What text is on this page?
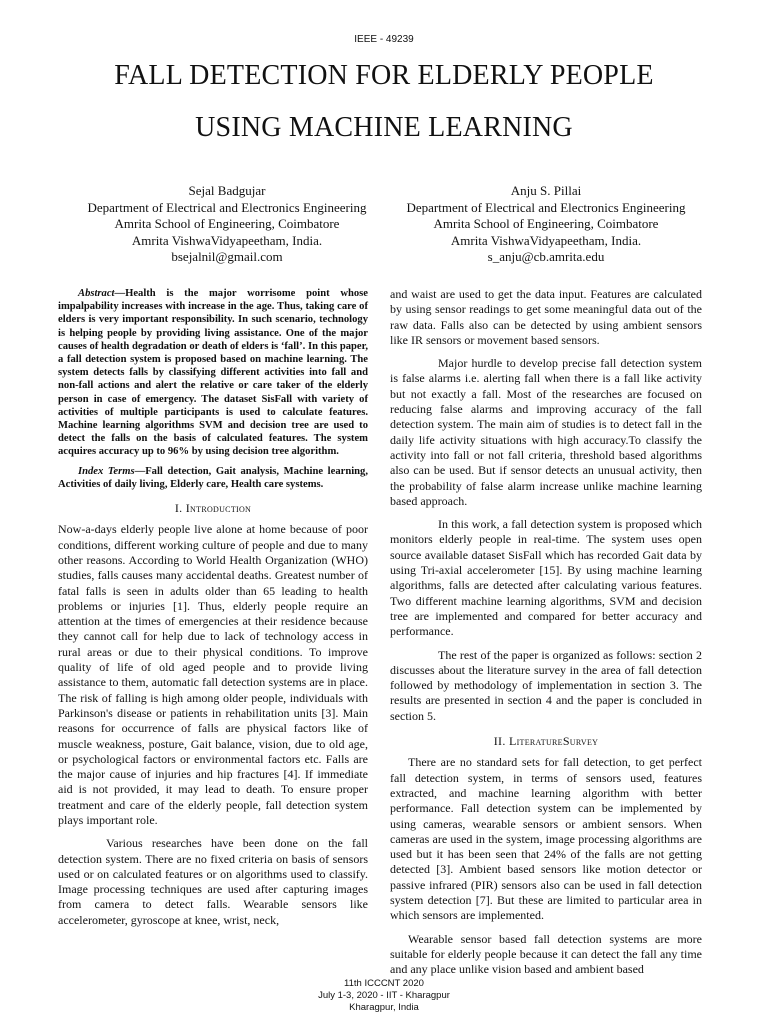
IEEE - 49239
FALL DETECTION FOR ELDERLY PEOPLE
USING MACHINE LEARNING
Sejal Badgujar
Department of Electrical and Electronics Engineering
Amrita School of Engineering, Coimbatore
Amrita VishwaVidyapeetham, India.
bsejalnil@gmail.com
Anju S. Pillai
Department of Electrical and Electronics Engineering
Amrita School of Engineering, Coimbatore
Amrita VishwaVidyapeetham, India.
s_anju@cb.amrita.edu

Abstract—Health is the major worrisome point whose impalpability increases with increase in the age. Thus, taking care of elders is very important responsibility. In such scenario, technology is helping people by providing living assistance. One of the major causes of health degradation or death of elders is ‘fall’. In this paper, a fall detection system is proposed based on machine learning. The system detects falls by classifying different activities into fall and non-fall actions and alert the relative or care taker of the elderly person in case of emergency. The dataset SisFall with variety of activities of multiple participants is used to calculate features. Machine learning algorithms SVM and decision tree are used to detect the falls on the basis of calculated features. The system acquires accuracy up to 96% by using decision tree algorithm.

Index Terms—Fall detection, Gait analysis, Machine learning, Activities of daily living, Elderly care, Health care systems.

I. Introduction

Now-a-days elderly people live alone at home because of poor conditions, different working culture of people and due to many other reasons. According to World Health Organization (WHO) studies, falls causes many accidental deaths. Greatest number of fatal falls is seen in adults older than 65 leading to health problems or injuries [1]. Thus, elderly people require an attention at the times of emergencies at their residence because they cannot call for help due to lack of technology access in rural areas or due to their physical conditions. To improve quality of life of old aged people and to provide living assistance to them, automatic fall detection systems are in place. The risk of falling is high among older people, individuals with Parkinson's disease or patients in rehabilitation units [3]. Main reasons for occurrence of falls are physical factors like of muscle weakness, posture, Gait balance, vision, due to old age, or psychological factors or environmental factors etc. Falls are the major cause of injuries and hip fractures [4]. If immediate aid is not provided, it may lead to death. To ensure proper treatment and care of the elderly people, fall detection system plays important role.

Various researches have been done on the fall detection system. There are no fixed criteria on basis of sensors used or on calculated features or on algorithms used to classify. Image processing techniques are used after capturing images from camera to detect falls. Wearable sensors like accelerometer, gyroscope at knee, wrist, neck,

and waist are used to get the data input. Features are calculated by using sensor readings to get some meaningful data out of the raw data. Falls also can be detected by using ambient sensors like IR sensors or movement based sensors.

Major hurdle to develop precise fall detection system is false alarms i.e. alerting fall when there is a fall like activity but not exactly a fall. Most of the researches are focused on reducing false alarms and improving accuracy of the fall detection system. The main aim of studies is to detect fall in the daily life activity situations with high accuracy.To classify the activity into fall or not fall criteria, threshold based algorithms also can be used. But if sensor detects an unusual activity, then the probability of false alarm increase unlike machine learning based approach.

In this work, a fall detection system is proposed which monitors elderly people in real-time. The system uses open source available dataset SisFall which has recorded Gait data by using Tri-axial accelerometer [15]. By using machine learning algorithms, falls are detected after calculating various features. Two different machine learning algorithms, SVM and decision tree are implemented and compared for better accuracy and performance.

The rest of the paper is organized as follows: section 2 discusses about the literature survey in the area of fall detection followed by methodology of implementation in section 3. The results are presented in section 4 and the paper is concluded in section 5.

II. LiteratureSurvey

There are no standard sets for fall detection, to get perfect fall detection system, in terms of sensors used, features extracted, and machine learning algorithm with better performance. Fall detection system can be implemented by using cameras, wearable sensors or ambient sensors. When cameras are used in the system, image processing algorithms are used but it has been seen that 24% of the falls are not getting detected [3]. Ambient based sensors like motion detector or passive infrared (PIR) sensors also can be used in fall detection system detection [7]. But these are limited to particular area in which sensors are implemented.

Wearable sensor based fall detection systems are more suitable for elderly people because it can detect the fall any time and any place unlike vision based and ambient based

11th ICCCNT 2020
July 1-3, 2020 - IIT - Kharagpur
Kharagpur, India
